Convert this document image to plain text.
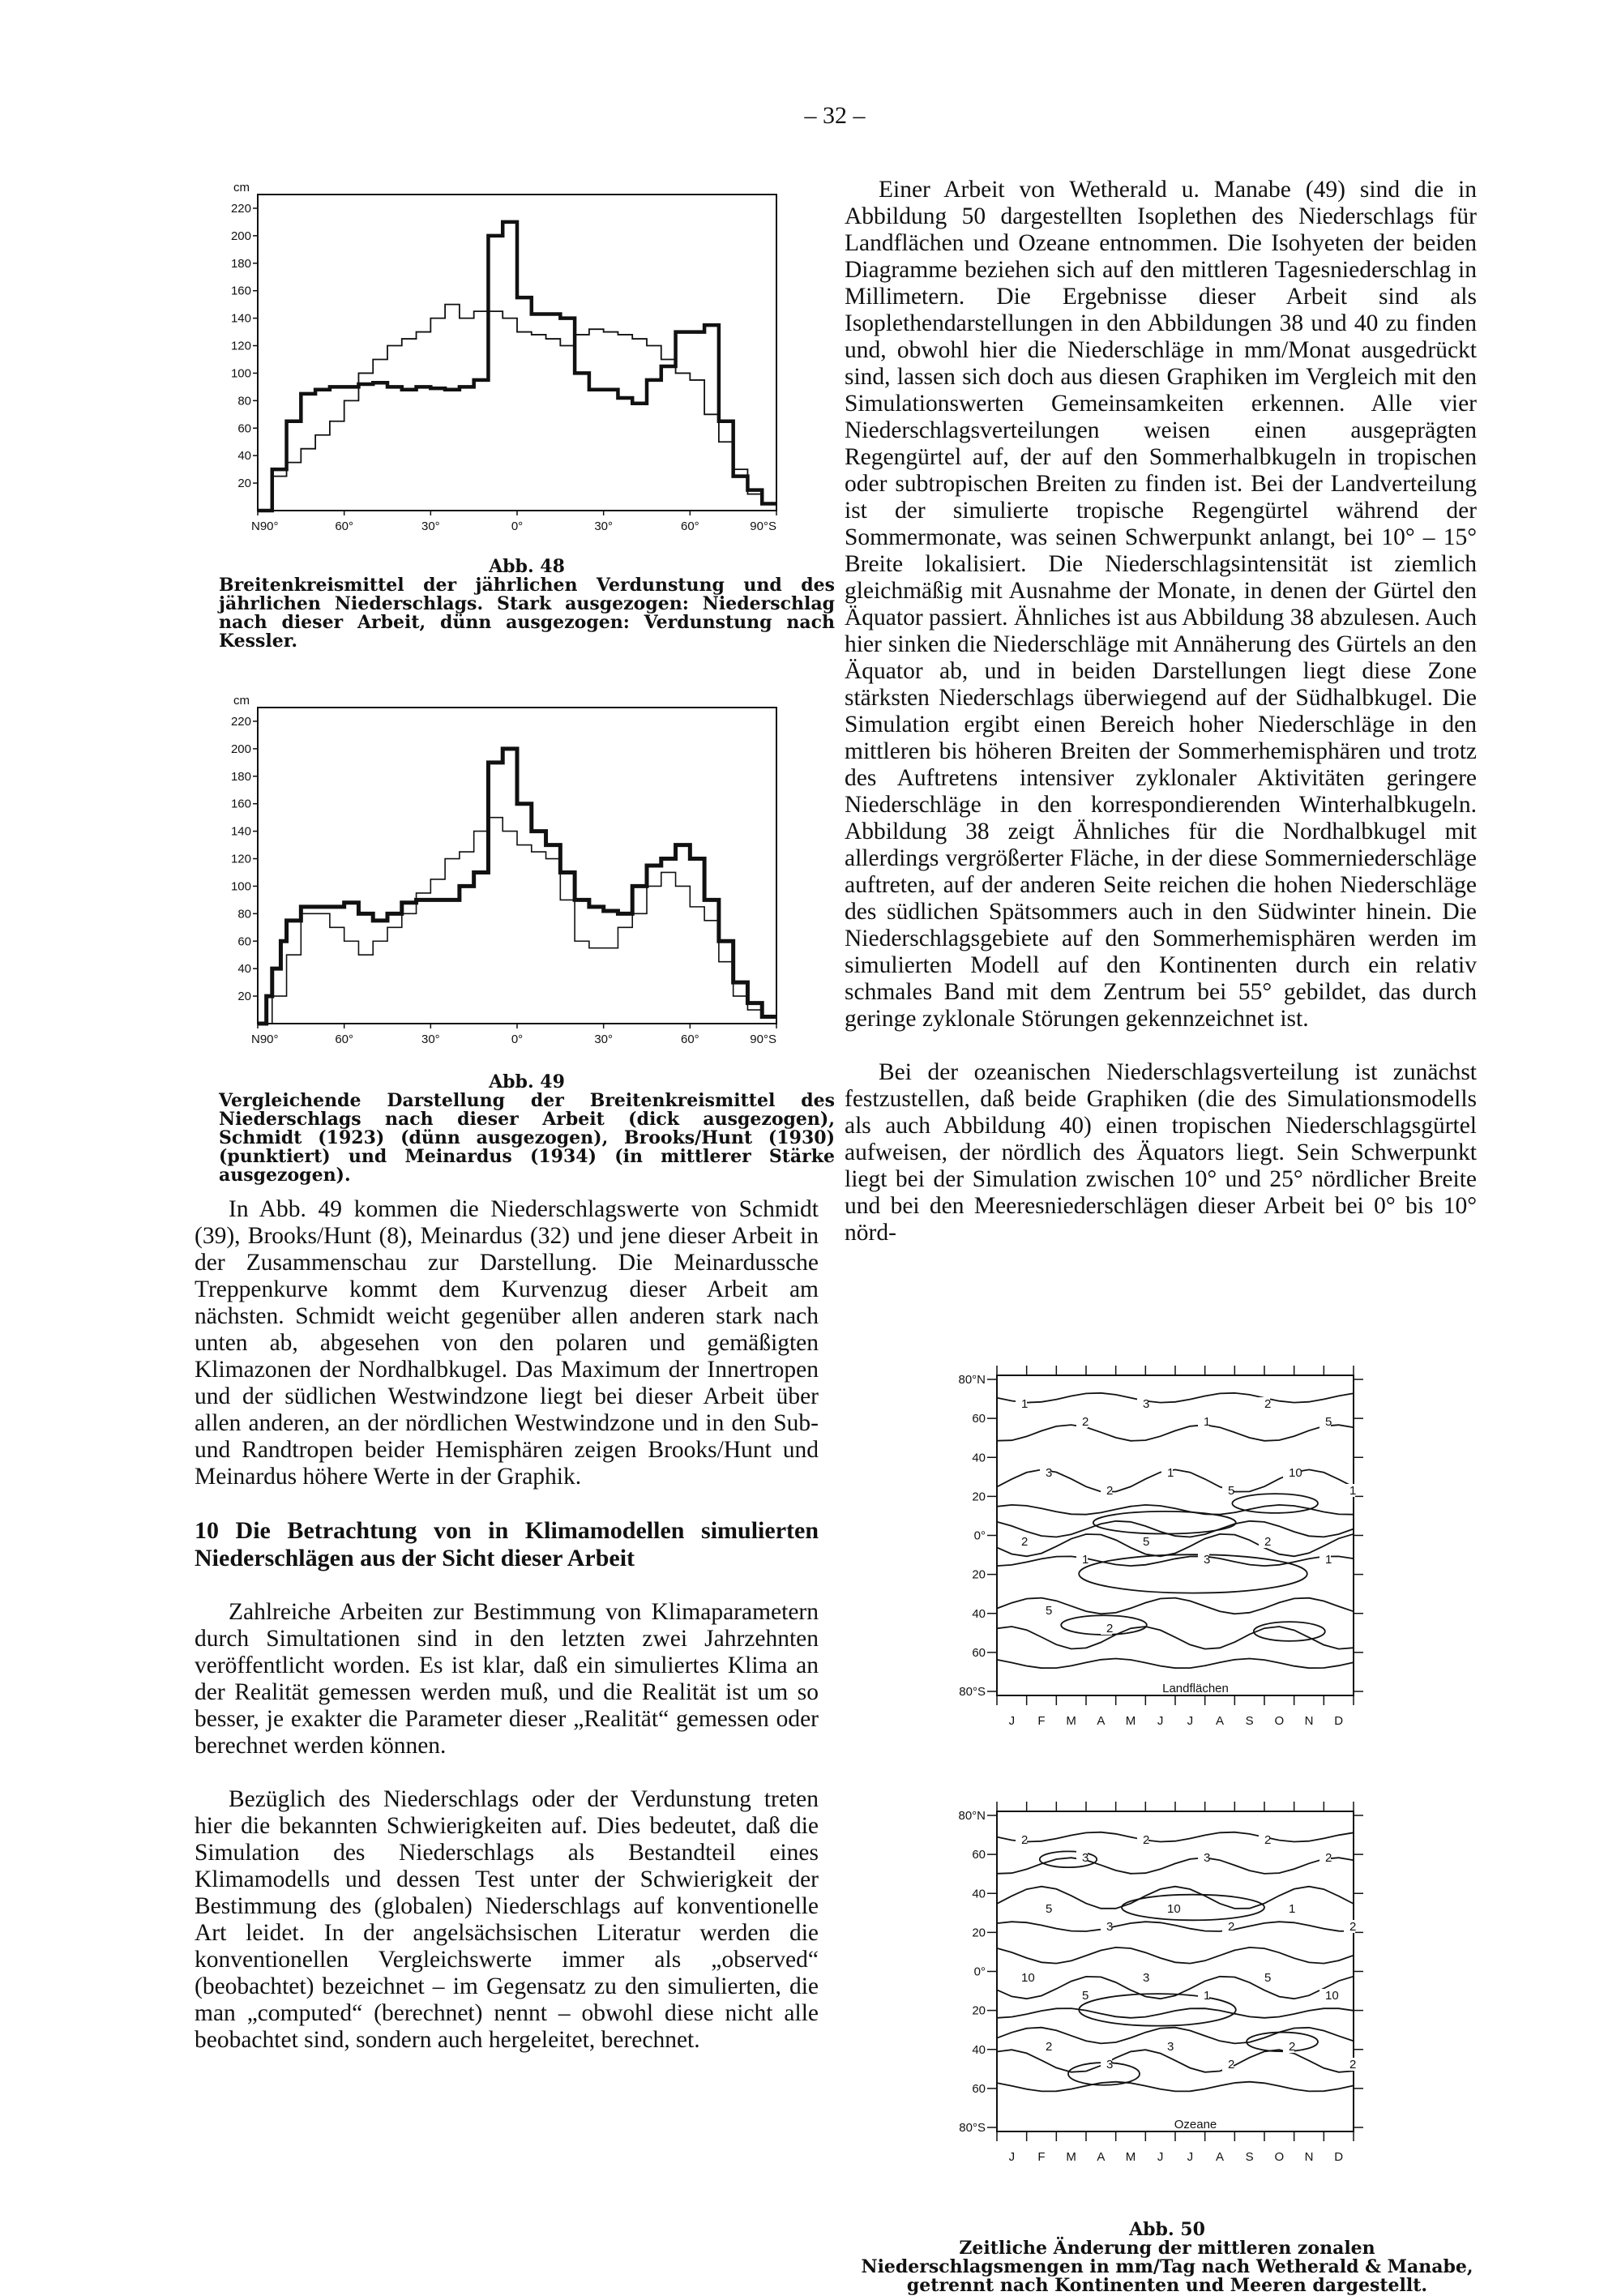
– 32 –
cm
220
200
180
160
140
120
100
80
60
40
20
N90°	60°	30°	0°	30°	60°	90°S
Abb. 48
Breitenkreismittel der jährlichen Verdunstung und des jährlichen Niederschlags. Stark ausgezogen: Niederschlag nach dieser Arbeit, dünn ausgezogen: Verdunstung nach Kessler.
cm
220
200
180
160
140
120
100
80
60
40
20
N90°	60°	30°	0°	30°	60°	90°S
Abb. 49
Vergleichende Darstellung der Breitenkreismittel des Niederschlags nach dieser Arbeit (dick ausgezogen), Schmidt (1923) (dünn ausgezogen), Brooks/Hunt (1930) (punktiert) und Meinardus (1934) (in mittlerer Stärke ausgezogen).

In Abb. 49 kommen die Niederschlagswerte von Schmidt (39), Brooks/Hunt (8), Meinardus (32) und jene dieser Arbeit in der Zusammenschau zur Darstellung. Die Meinardussche Treppenkurve kommt dem Kurvenzug dieser Arbeit am nächsten. Schmidt weicht gegenüber allen anderen stark nach unten ab, abgesehen von den polaren und gemäßigten Klimazonen der Nordhalbkugel. Das Maximum der Innertropen und der südlichen Westwindzone liegt bei dieser Arbeit über allen anderen, an der nördlichen Westwindzone und in den Sub- und Randtropen beider Hemisphären zeigen Brooks/Hunt und Meinardus höhere Werte in der Graphik.

10 Die Betrachtung von in Klimamodellen simulierten Niederschlägen aus der Sicht dieser Arbeit

Zahlreiche Arbeiten zur Bestimmung von Klimaparametern durch Simultationen sind in den letzten zwei Jahrzehnten veröffentlicht worden. Es ist klar, daß ein simuliertes Klima an der Realität gemessen werden muß, und die Realität ist um so besser, je exakter die Parameter dieser „Realität“ gemessen oder berechnet werden können.

Bezüglich des Niederschlags oder der Verdunstung treten hier die bekannten Schwierigkeiten auf. Dies bedeutet, daß die Simulation des Niederschlags als Bestandteil eines Klimamodells und dessen Test unter der Schwierigkeit der Bestimmung des (globalen) Niederschlags auf konventionelle Art leidet. In der angelsächsischen Literatur werden die konventionellen Vergleichswerte immer als „observed“ (beobachtet) bezeichnet – im Gegensatz zu den simulierten, die man „computed“ (berechnet) nennt – obwohl diese nicht alle beobachtet sind, sondern auch hergeleitet, berechnet.

Einer Arbeit von Wetherald u. Manabe (49) sind die in Abbildung 50 dargestellten Isoplethen des Niederschlags für Landflächen und Ozeane entnommen. Die Isohyeten der beiden Diagramme beziehen sich auf den mittleren Tagesniederschlag in Millimetern. Die Ergebnisse dieser Arbeit sind als Isoplethendarstellungen in den Abbildungen 38 und 40 zu finden und, obwohl hier die Niederschläge in mm/Monat ausgedrückt sind, lassen sich doch aus diesen Graphiken im Vergleich mit den Simulationswerten Gemeinsamkeiten erkennen. Alle vier Niederschlagsverteilungen weisen einen ausgeprägten Regengürtel auf, der auf den Sommerhalbkugeln in tropischen oder subtropischen Breiten zu finden ist. Bei der Landverteilung ist der simulierte tropische Regengürtel während der Sommermonate, was seinen Schwerpunkt anlangt, bei 10° – 15° Breite lokalisiert. Die Niederschlagsintensität ist ziemlich gleichmäßig mit Ausnahme der Monate, in denen der Gürtel den Äquator passiert. Ähnliches ist aus Abbildung 38 abzulesen. Auch hier sinken die Niederschläge mit Annäherung des Gürtels an den Äquator ab, und in beiden Darstellungen liegt diese Zone stärksten Niederschlags überwiegend auf der Südhalbkugel. Die Simulation ergibt einen Bereich hoher Niederschläge in den mittleren bis höheren Breiten der Sommerhemisphären und trotz des Auftretens intensiver zyklonaler Aktivitäten geringere Niederschläge in den korrespondierenden Winterhalbkugeln. Abbildung 38 zeigt Ähnliches für die Nordhalbkugel mit allerdings vergrößerter Fläche, in der diese Sommerniederschläge auftreten, auf der anderen Seite reichen die hohen Niederschläge des südlichen Spätsommers auch in den Südwinter hinein. Die Niederschlagsgebiete auf den Sommerhemisphären werden im simulierten Modell auf den Kontinenten durch ein relativ schmales Band mit dem Zentrum bei 55° gebildet, das durch geringe zyklonale Störungen gekennzeichnet ist.

Bei der ozeanischen Niederschlagsverteilung ist zunächst festzustellen, daß beide Graphiken (die des Simulationsmodells als auch Abbildung 40) einen tropischen Niederschlagsgürtel aufweisen, der nördlich des Äquators liegt. Sein Schwerpunkt liegt bei der Simulation zwischen 10° und 25° nördlicher Breite und bei den Meeresniederschlägen dieser Arbeit bei 0° bis 10° nörd-

80°N
60
40
20
0°
20
40
60
80°S
J F M A M J J A S O N D
Landflächen
1
2
3
1
2
5
3
2
1
5
10
1
2
1
5
3
2
1
5
2
80°N
60
40
20
0°
20
40
60
80°S
J F M A M J J A S O N D
Ozeane
2
3
2
3
2
2
5
3
10
2
1
2
10
5
3
1
5
10
2
3
3
2
2
2
Abb. 50
Zeitliche Änderung der mittleren zonalen Niederschlagsmengen in mm/Tag nach Wetherald & Manabe, getrennt nach Kontinenten und Meeren dargestellt.
